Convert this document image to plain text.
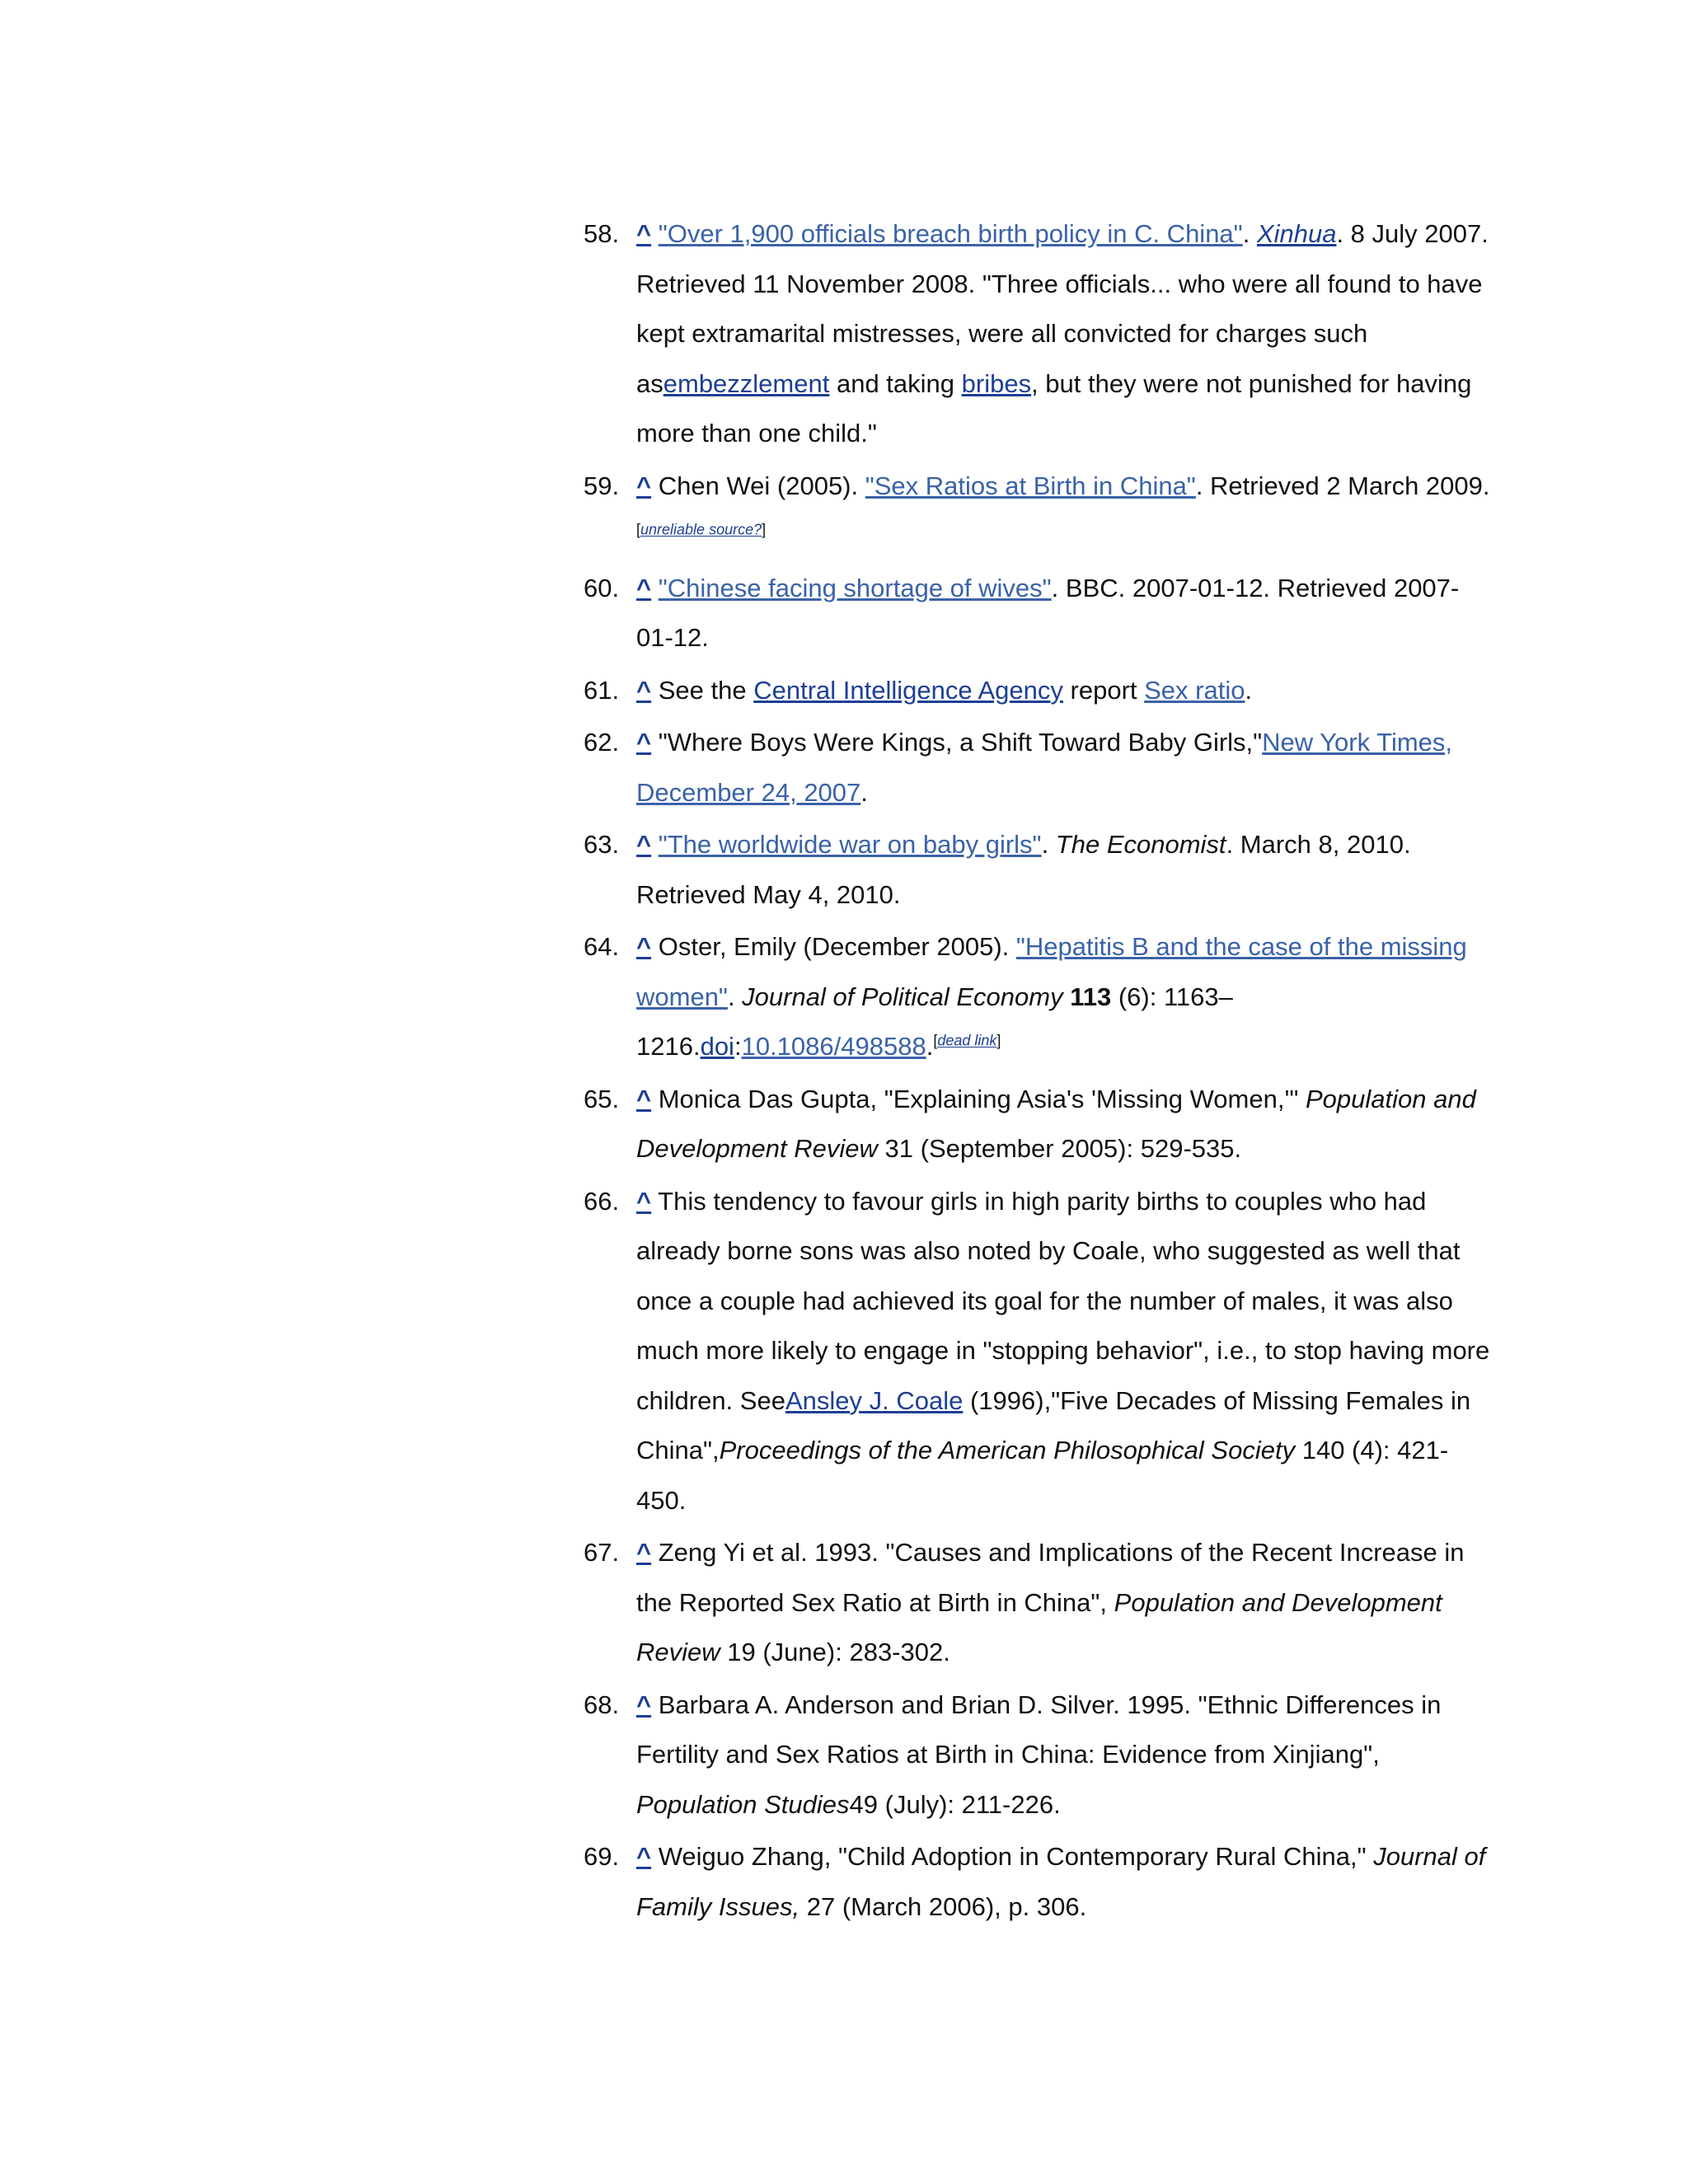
58. ^ "Over 1,900 officials breach birth policy in C. China". Xinhua. 8 July 2007. Retrieved 11 November 2008. "Three officials... who were all found to have kept extramarital mistresses, were all convicted for charges such asembezzlement and taking bribes, but they were not punished for having more than one child."
59. ^ Chen Wei (2005). "Sex Ratios at Birth in China". Retrieved 2 March 2009.[unreliable source?]
60. ^ "Chinese facing shortage of wives". BBC. 2007-01-12. Retrieved 2007-01-12.
61. ^ See the Central Intelligence Agency report Sex ratio.
62. ^ "Where Boys Were Kings, a Shift Toward Baby Girls,"New York Times, December 24, 2007.
63. ^ "The worldwide war on baby girls". The Economist. March 8, 2010. Retrieved May 4, 2010.
64. ^ Oster, Emily (December 2005). "Hepatitis B and the case of the missing women". Journal of Political Economy 113 (6): 1163–1216.doi:10.1086/498588.[dead link]
65. ^ Monica Das Gupta, "Explaining Asia's 'Missing Women,'" Population and Development Review 31 (September 2005): 529-535.
66. ^ This tendency to favour girls in high parity births to couples who had already borne sons was also noted by Coale, who suggested as well that once a couple had achieved its goal for the number of males, it was also much more likely to engage in "stopping behavior", i.e., to stop having more children. SeeAnsley J. Coale (1996),"Five Decades of Missing Females in China",Proceedings of the American Philosophical Society 140 (4): 421-450.
67. ^ Zeng Yi et al. 1993. "Causes and Implications of the Recent Increase in the Reported Sex Ratio at Birth in China", Population and Development Review 19 (June): 283-302.
68. ^ Barbara A. Anderson and Brian D. Silver. 1995. "Ethnic Differences in Fertility and Sex Ratios at Birth in China: Evidence from Xinjiang", Population Studies49 (July): 211-226.
69. ^ Weiguo Zhang, "Child Adoption in Contemporary Rural China," Journal of Family Issues, 27 (March 2006), p. 306.
